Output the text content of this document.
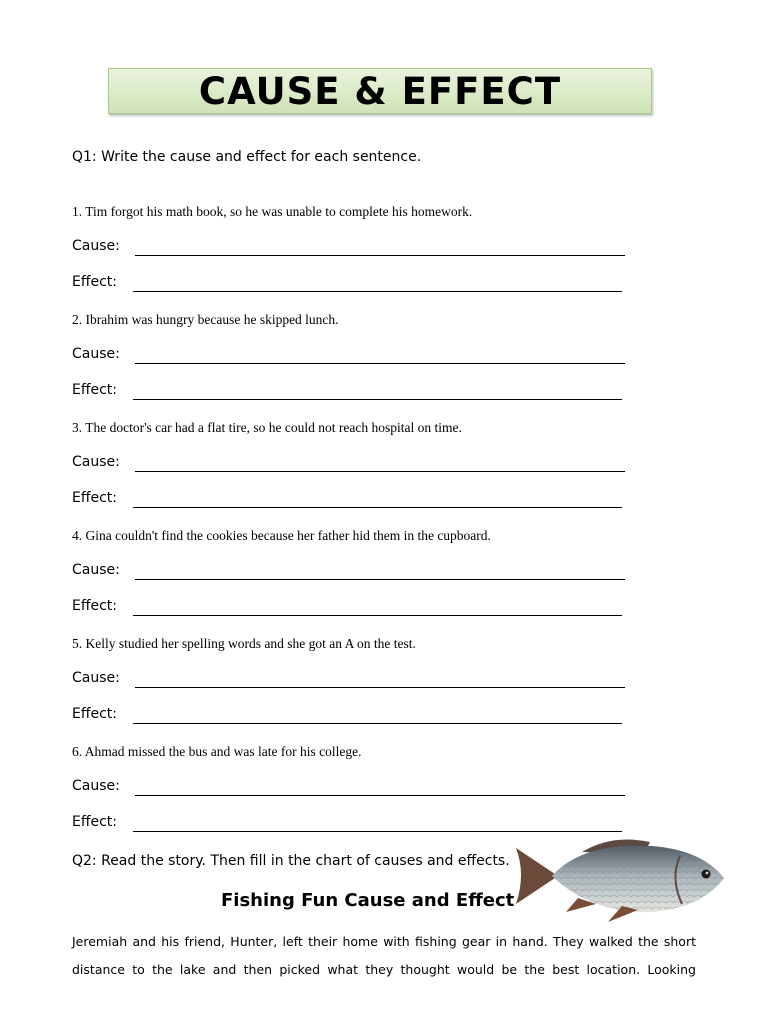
CAUSE & EFFECT
Q1: Write the cause and effect for each sentence.
1. Tim forgot his math book, so he was unable to complete his homework.
Cause:
Effect:
2. Ibrahim was hungry because he skipped lunch.
Cause:
Effect:
3. The doctor's car had a flat tire, so he could not reach hospital on time.
Cause:
Effect:
4. Gina couldn't find the cookies because her father hid them in the cupboard.
Cause:
Effect:
5. Kelly studied her spelling words and she got an A on the test.
Cause:
Effect:
6. Ahmad missed the bus and was late for his college.
Cause:
Effect:
Q2: Read the story. Then fill in the chart of causes and effects.
Fishing Fun Cause and Effect
Jeremiah and his friend, Hunter, left their home with fishing gear in hand. They walked the short
distance to the lake and then picked what they thought would be the best location. Looking
